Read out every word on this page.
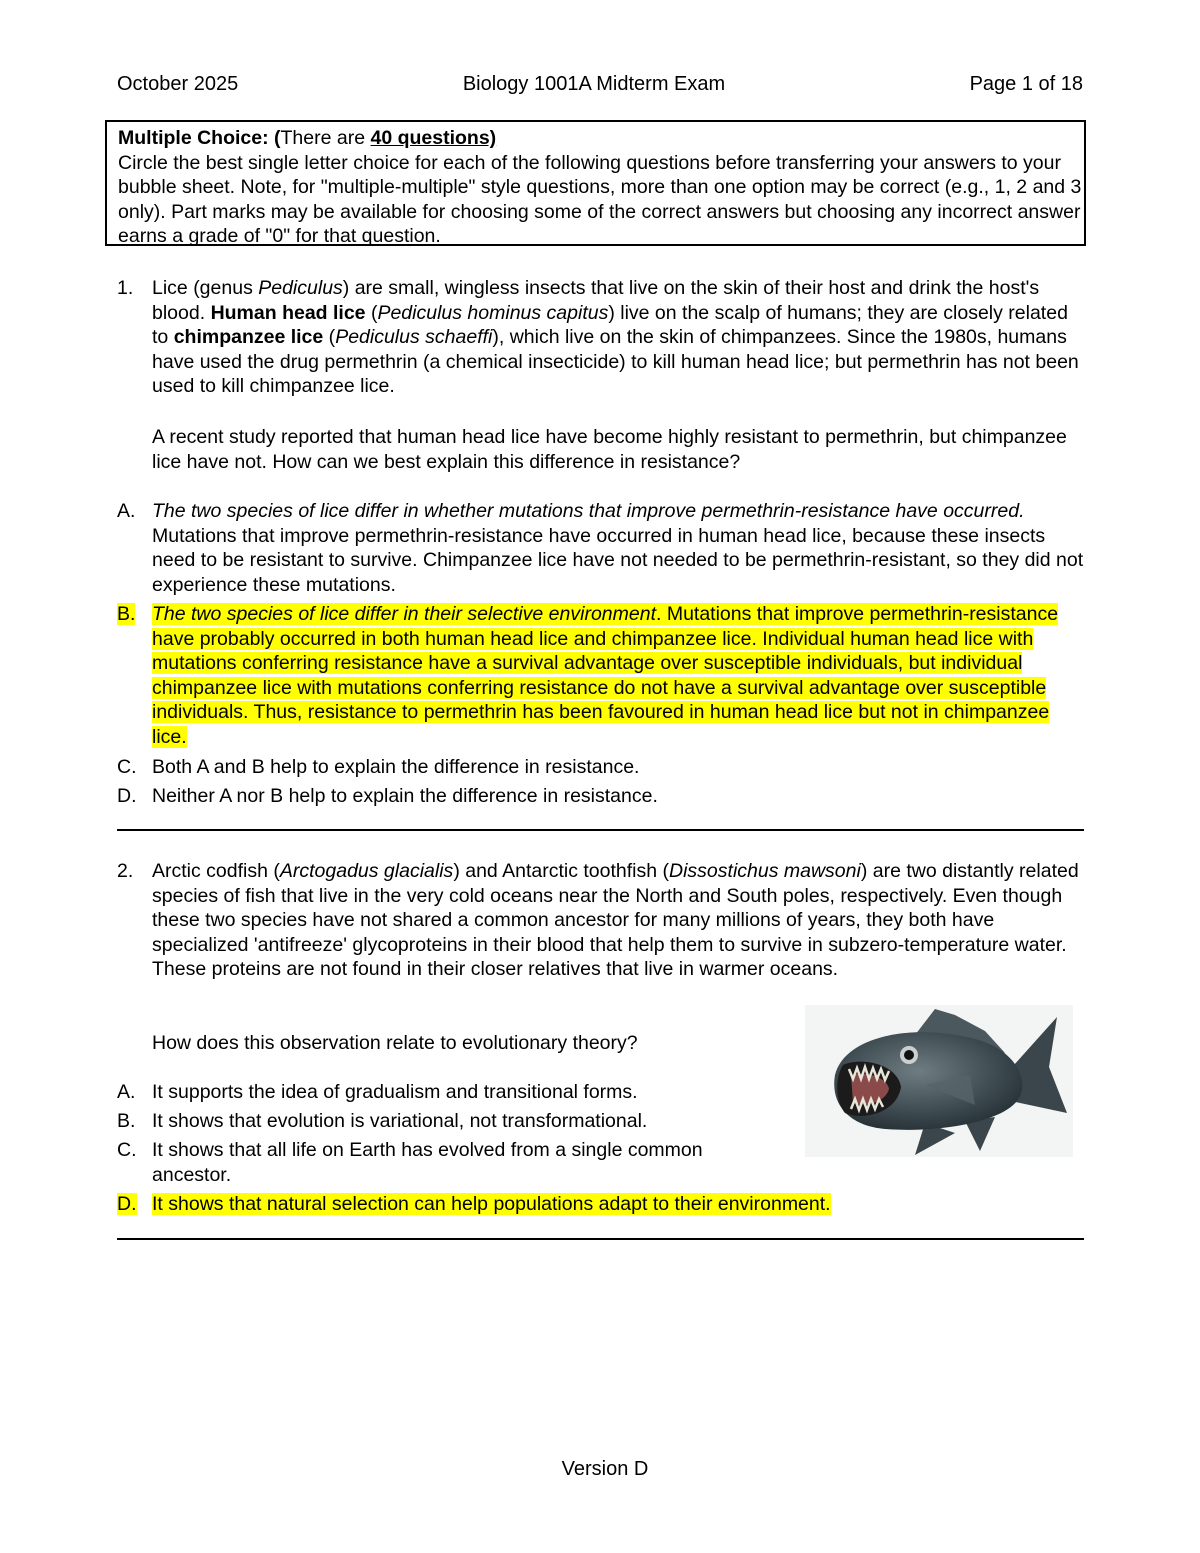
October 2025	Biology 1001A Midterm Exam	Page 1 of 18

Multiple Choice: (There are 40 questions)

Circle the best single letter choice for each of the following questions before transferring your answers to your bubble sheet. Note, for "multiple-multiple" style questions, more than one option may be correct (e.g., 1, 2 and 3 only). Part marks may be available for choosing some of the correct answers but choosing any incorrect answer earns a grade of "0" for that question.

1. Lice (genus Pediculus) are small, wingless insects that live on the skin of their host and drink the host's blood. Human head lice (Pediculus hominus capitus) live on the scalp of humans; they are closely related to chimpanzee lice (Pediculus schaeffi), which live on the skin of chimpanzees. Since the 1980s, humans have used the drug permethrin (a chemical insecticide) to kill human head lice; but permethrin has not been used to kill chimpanzee lice.
A recent study reported that human head lice have become highly resistant to permethrin, but chimpanzee lice have not. How can we best explain this difference in resistance?
A. The two species of lice differ in whether mutations that improve permethrin-resistance have occurred. Mutations that improve permethrin-resistance have occurred in human head lice, because these insects need to be resistant to survive. Chimpanzee lice have not needed to be permethrin-resistant, so they did not experience these mutations.
B. The two species of lice differ in their selective environment. Mutations that improve permethrin-resistance have probably occurred in both human head lice and chimpanzee lice. Individual human head lice with mutations conferring resistance have a survival advantage over susceptible individuals, but individual chimpanzee lice with mutations conferring resistance do not have a survival advantage over susceptible individuals. Thus, resistance to permethrin has been favoured in human head lice but not in chimpanzee lice.
C. Both A and B help to explain the difference in resistance.
D. Neither A nor B help to explain the difference in resistance.
2. Arctic codfish (Arctogadus glacialis) and Antarctic toothfish (Dissostichus mawsoni) are two distantly related species of fish that live in the very cold oceans near the North and South poles, respectively. Even though these two species have not shared a common ancestor for many millions of years, they both have specialized 'antifreeze' glycoproteins in their blood that help them to survive in subzero-temperature water. These proteins are not found in their closer relatives that live in warmer oceans.
How does this observation relate to evolutionary theory?
A. It supports the idea of gradualism and transitional forms.
B. It shows that evolution is variational, not transformational.
C. It shows that all life on Earth has evolved from a single common ancestor.
D. It shows that natural selection can help populations adapt to their environment.
Version D
